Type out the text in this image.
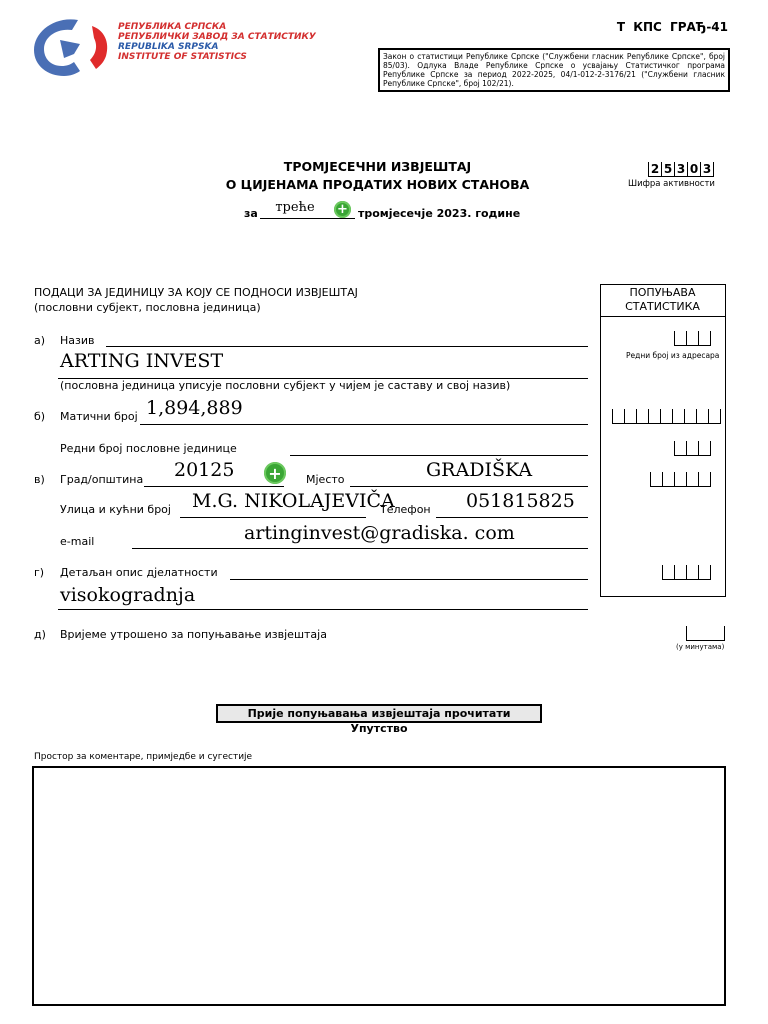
РЕПУБЛИКА СРПСКА
РЕПУБЛИЧКИ ЗАВОД ЗА СТАТИСТИКУ
REPUBLIKA SRPSKA
INSTITUTE OF STATISTICS
Т КПС ГРАЂ-41
Закон о статистици Републике Српске ("Службени гласник Републике Српске", број 85/03). Одлука Владе Републике Српске о усвајању Статистичког програма Републике Српске за период 2022-2025, 04/1-012-2-3176/21 ("Службени гласник Републике Српске", број 102/21).
ТРОМЈЕСЕЧНИ ИЗВЈЕШТАЈ
О ЦИЈЕНАМА ПРОДАТИХ НОВИХ СТАНОВА
за	треће	+ тромјесечје 2023. године
2 5 3 0 3
Шифра активности
ПОДАЦИ ЗА ЈЕДИНИЦУ ЗА КОЈУ СЕ ПОДНОСИ ИЗВЈЕШТАЈ
(пословни субјект, пословна јединица)
ПОПУЊАВА СТАТИСТИКА
Редни број из адресара
а) Назив
ARTING INVEST
(пословна јединица уписује пословни субјект у чијем је саставу и свој назив)
б) Матични број 1,894,889
Редни број пословне јединице
в) Град/општина 20125 +	Мјесто	GRADIŠKA
Улица и кућни број M.G. NIKOLAJEVIČA
Телефон 051815825
e-mail	artinginvest@gradiska. com
г) Детаљан опис дјелатности
visokogradnja
д) Вријеме утрошено за попуњавање извјештаја
(у минутама)
Прије попуњавања извјештаја прочитати Упутство
Простор за коментаре, примједбе и сугестије
